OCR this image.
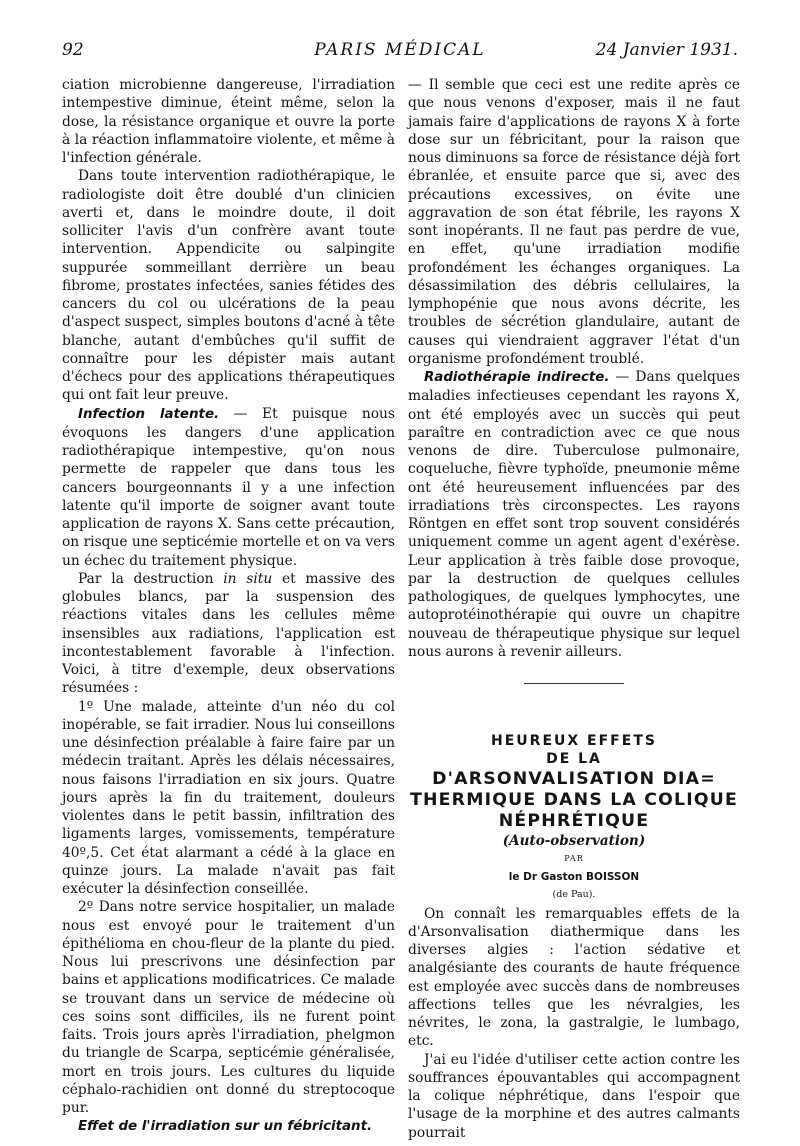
92	PARIS MÉDICAL	24 Janvier 1931.

ciation microbienne dangereuse, l'irradiation intempestive diminue, éteint même, selon la dose, la résistance organique et ouvre la porte à la réaction inflammatoire violente, et même à l'infection générale.

Dans toute intervention radiothérapique, le radiologiste doit être doublé d'un clinicien averti et, dans le moindre doute, il doit solliciter l'avis d'un confrère avant toute intervention. Appendicite ou salpingite suppurée sommeillant derrière un beau fibrome, prostates infectées, sanies fétides des cancers du col ou ulcérations de la peau d'aspect suspect, simples boutons d'acné à tête blanche, autant d'embûches qu'il suffit de connaître pour les dépister mais autant d'échecs pour des applications thérapeutiques qui ont fait leur preuve.

Infection latente. — Et puisque nous évoquons les dangers d'une application radiothérapique intempestive, qu'on nous permette de rappeler que dans tous les cancers bourgeonnants il y a une infection latente qu'il importe de soigner avant toute application de rayons X. Sans cette précaution, on risque une septicémie mortelle et on va vers un échec du traitement physique.

Par la destruction in situ et massive des globules blancs, par la suspension des réactions vitales dans les cellules même insensibles aux radiations, l'application est incontestablement favorable à l'infection. Voici, à titre d'exemple, deux observations résumées :

1º Une malade, atteinte d'un néo du col inopérable, se fait irradier. Nous lui conseillons une désinfection préalable à faire faire par un médecin traitant. Après les délais nécessaires, nous faisons l'irradiation en six jours. Quatre jours après la fin du traitement, douleurs violentes dans le petit bassin, infiltration des ligaments larges, vomissements, température 40º,5. Cet état alarmant a cédé à la glace en quinze jours. La malade n'avait pas fait exécuter la désinfection conseillée.
2º Dans notre service hospitalier, un malade nous est envoyé pour le traitement d'un épithélioma en chou-fleur de la plante du pied. Nous lui prescrivons une désinfection par bains et applications modificatrices. Ce malade se trouvant dans un service de médecine où ces soins sont difficiles, ils ne furent point faits. Trois jours après l'irradiation, phelgmon du triangle de Scarpa, septicémie généralisée, mort en trois jours. Les cultures du liquide céphalo-rachidien ont donné du streptocoque pur.

Effet de l'irradiation sur un fébricitant.

— Il semble que ceci est une redite après ce que nous venons d'exposer, mais il ne faut jamais faire d'applications de rayons X à forte dose sur un fébricitant, pour la raison que nous diminuons sa force de résistance déjà fort ébranlée, et ensuite parce que si, avec des précautions excessives, on évite une aggravation de son état fébrile, les rayons X sont inopérants. Il ne faut pas perdre de vue, en effet, qu'une irradiation modifie profondément les échanges organiques. La désassimilation des débris cellulaires, la lymphopénie que nous avons décrite, les troubles de sécrétion glandulaire, autant de causes qui viendraient aggraver l'état d'un organisme profondément troublé.

Radiothérapie indirecte. — Dans quelques maladies infectieuses cependant les rayons X, ont été employés avec un succès qui peut paraître en contradiction avec ce que nous venons de dire. Tuberculose pulmonaire, coqueluche, fièvre typhoïde, pneumonie même ont été heureusement influencées par des irradiations très circonspectes. Les rayons Röntgen en effet sont trop souvent considérés uniquement comme un agent agent d'exérèse. Leur application à très faible dose provoque, par la destruction de quelques cellules pathologiques, de quelques lymphocytes, une autoprotéinothérapie qui ouvre un chapitre nouveau de thérapeutique physique sur lequel nous aurons à revenir ailleurs.

HEUREUX EFFETS

DE LA

D'ARSONVALISATION DIA= THERMIQUE DANS LA COLIQUE NÉPHRÉTIQUE

(Auto-observation)

PAR

le Dr Gaston BOISSON

(de Pau).

On connaît les remarquables effets de la d'Arsonvalisation diathermique dans les diverses algies : l'action sédative et analgésiante des courants de haute fréquence est employée avec succès dans de nombreuses affections telles que les névralgies, les névrites, le zona, la gastralgie, le lumbago, etc.

J'ai eu l'idée d'utiliser cette action contre les souffrances épouvantables qui accompagnent la colique néphrétique, dans l'espoir que l'usage de la morphine et des autres calmants pourrait
